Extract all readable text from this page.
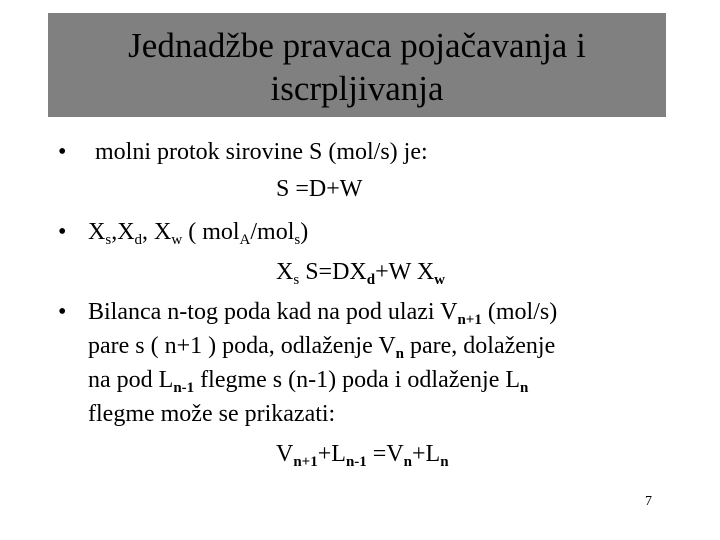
Jednadžbe pravaca pojačavanja i
iscrpljivanja
• molni protok sirovine S (mol/s) je:
S =D+W
• $X_s,X_d$, $X_w$ ( mol$_A$/mol$_s$)
$X_s$ $S=DX_d+W$ $X_w$
• Bilanca n-tog poda kad na pod ulazi $V_{n+1}$ (mol/s)
pare s ( n+1 ) poda, odlaženje $V_n$ pare, dolaženje
na pod $L_{n-1}$ flegme s (n-1) poda i odlaženje $L_n$
flegme može se prikazati:
$V_{n+1}+L_{n-1} =V_n+L_n$
7
